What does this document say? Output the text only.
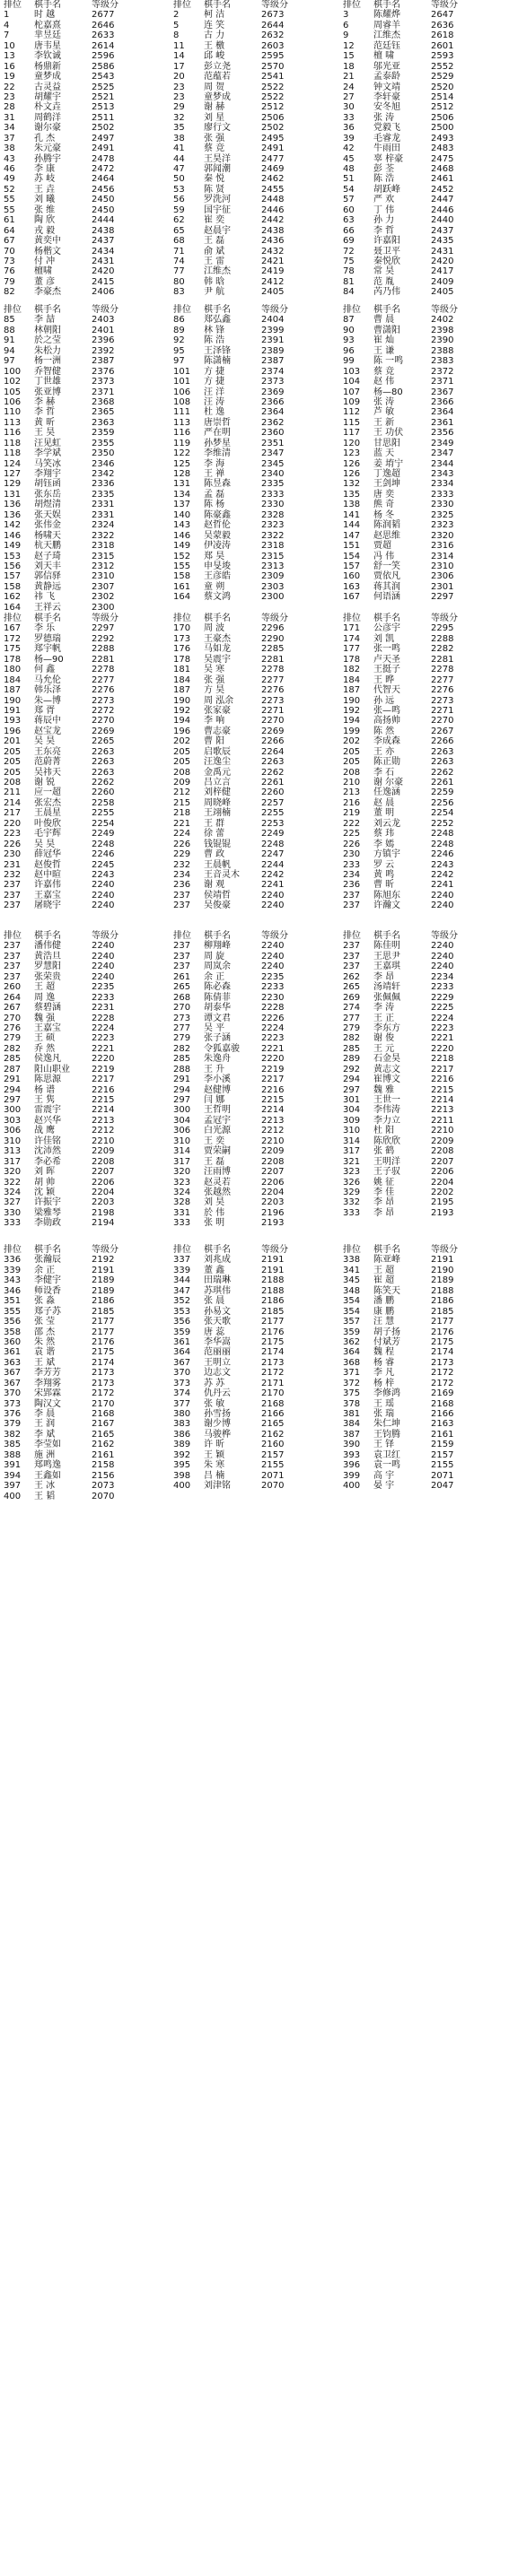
排位	棋手名	等级分
1	时 越	2677
4	柁嘉熹	2646
7	芈昱廷	2633
10	唐韦星	2614
13	李钦诚	2596
16	杨鼎新	2586
19	童梦成	2543
22	古灵益	2525
23	胡耀宇	2521
28	朴文垚	2513
31	周鹤洋	2511
34	谢尔豪	2502
37	孔 杰	2497
38	朱元豪	2491
43	孙腾宇	2478
46	李 康	2472
49	苏 岐	2464
52	王 垚	2456
55	刘 曦	2450
55	张 维	2450
61	陶 欣	2444
64	戎 毅	2438
67	黄奕中	2437
70	杨楷文	2434
73	付 冲	2431
76	檀啸	2420
79	董 彦	2415
82	李豪杰	2406
排位	棋手名	等级分
2	柯 洁	2673
5	连 笑	2644
8	古 力	2632
11	王 檄	2603
14	邱 峻	2595
17	彭立尧	2570
20	范蕴若	2541
23	周 贺	2522
23	童梦成	2522
29	谢 赫	2512
32	刘 星	2506
35	廖行文	2502
38	张 强	2495
41	蔡 竞	2491
44	王昊洋	2477
47	郭闻潮	2469
50	秦 悦	2462
53	陈 贤	2455
56	罗洗河	2448
59	国宇征	2446
62	崔 奕	2442
65	赵晨宇	2438
68	王 磊	2436
71	俞 斌	2432
74	王 雷	2421
77	江维杰	2419
80	韩 晗	2412
83	尹 航	2405
排位	棋手名	等级分
3	陈耀烨	2647
6	周睿羊	2636
9	江维杰	2618
12	范廷钰	2601
15	檀 啸	2593
18	邬光亚	2552
21	孟泰龄	2529
24	钟文靖	2520
27	李轩豪	2514
30	安冬旭	2512
33	张 涛	2506
36	党毅飞	2500
39	毛睿龙	2493
42	牛雨田	2483
45	辜 梓豪	2475
48	彭 荃	2468
51	陈 浩	2461
54	胡跃峰	2452
57	严 欢	2447
60	丁 伟	2446
63	孙 力	2440
66	李 哲	2437
69	许嘉阳	2435
72	聂卫平	2431
75	秦悦欣	2420
78	常 昊	2417
81	范 胤	2409
84	芮乃伟	2405
排位	棋手名	等级分
85	李 喆	2403
88	林朝阳	2401
91	於之莹	2396
94	朱松力	2392
97	杨一洲	2387
100	乔智健	2376
102	丁世雄	2373
105	张亚博	2371
106	李 赫	2368
110	李 哲	2365
113	黄 昕	2363
116	王 昊	2359
118	汪见虹	2355
118	李学斌	2350
124	马笑冰	2346
127	李翔宇	2342
129	胡钰函	2336
131	张东岳	2335
136	胡煜清	2331
136	张天娱	2331
142	张伟金	2324
146	杨啸天	2322
149	杭天鹏	2318
153	赵子琦	2315
156	刘天丰	2312
157	郭信驿	2310
158	黄静远	2307
162	祎 飞	2302
164	王祥云	2300
排位	棋手名	等级分
86	郑弘鑫	2404
89	林 锋	2399
92	陈 浩	2391
95	王泽锋	2389
97	陈潇楠	2387
101	方 捷	2374
101	方 捷	2373
106	汪 洋	2369
108	汪 涛	2366
111	杜 逸	2364
113	唐崇哲	2362
116	严在明	2360
119	孙梦星	2351
122	李维清	2347
125	李 海	2345
128	王 禅	2340
131	陈昱森	2335
134	孟 磊	2333
137	陈 杨	2330
140	陈豪鑫	2328
143	赵哲伦	2323
146	吴蒙毅	2322
149	伊凌涛	2318
152	郑 昊	2315
155	申旻埈	2313
158	王彦皓	2309
161	童 朔	2303
164	蔡文鸿	2300
排位	棋手名	等级分
87	曹 晨	2402
90	曹潇阳	2398
93	崔 灿	2390
96	王 谦	2388
99	陈 一鸣	2383
103	蔡 竞	2372
104	赵 伟	2371
107	杨—80	2367
109	张 涛	2366
112	芦 敏	2364
115	王 新	2361
117	王 功伏	2356
120	甘思阳	2349
123	蓝 天	2347
126	姜 堉宁	2344
126	丁逸超	2343
132	王剑坤	2334
135	唐 奕	2333
138	熊 奇	2330
141	杨 冬	2325
144	陈润韬	2323
147	赵思维	2320
151	贾超	2316
154	冯 伟	2314
157	舒一笑	2310
160	贾依凡	2306
163	蒋其润	2301
167	何语涵	2297
排位	棋手名	等级分
167	李 乐	2297
172	罗德瑞	2292
175	郑宇帆	2288
178	杨—90	2281
180	何 鑫	2278
184	马允伦	2277
187	韩乐泽	2276
190	朱—博	2273
191	郑 胥	2272
193	蒋辰中	2270
196	赵宝龙	2269
201	吴 昊	2265
205	王东亮	2263
205	范蔚菁	2263
205	吴祎天	2263
208	谢 锐	2262
211	应一超	2260
214	张宏杰	2258
217	王晨星	2255
220	叶俊欣	2254
223	毛宇辉	2249
226	吴 昊	2248
230	薛冠华	2246
231	赵俊哲	2245
232	赵中暄	2243
237	许嘉伟	2240
237	王嘉宝	2240
237	屠晓宇	2240
排位	棋手名	等级分
170	周 波	2296
173	王豪杰	2290
176	马如龙	2285
178	吴震宇	2281
181	吴 寒	2278
184	张 强	2277
187	方 昊	2276
190	周 泓余	2273
192	张家豪	2271
194	李 响	2270
196	曹志豪	2269
202	曹 阳	2266
205	启歌辰	2264
205	汪逸尘	2263
208	金禹元	2262
209	吕立言	2261
212	刘梓健	2260
215	周晓峰	2257
218	王翊楠	2255
221	王 群	2253
224	徐 蕾	2249
226	钱锟锟	2248
229	曹 政	2247
232	王晨帆	2244
234	王音灵木	2242
236	谢 观	2241
237	侯靖哲	2240
237	吴俊豪	2240
排位	棋手名	等级分
171	公彦宇	2295
174	刘 凯	2288
177	张一鸣	2282
178	卢天圣	2281
182	王挺子	2278
184	王 晔	2277
187	代智天	2276
190	孙 远	2273
192	张—鸣	2271
194	高扬帅	2270
199	陈 然	2267
202	李成森	2266
205	王 亦	2263
205	陈正勋	2263
208	李 石	2262
210	谢 尔豪	2261
213	任逸涵	2259
216	赵 晨	2256
219	董 明	2254
222	刘云龙	2252
225	蔡 玮	2248
226	李 嫣	2248
230	方镇宇	2246
233	罗 云	2243
234	黄 鸣	2242
236	曹 昕	2241
237	陈旭东	2240
237	许瀚文	2240
排位	棋手名	等级分
237	潘伟健	2240
237	黄浩旦	2240
237	罗慧阳	2240
237	张荣贵	2240
260	王 超	2235
264	周 逸	2233
267	蔡碧涵	2231
270	魏 强	2228
276	王嘉宝	2224
279	王 硕	2223
282	乔 然	2221
285	侯逸凡	2220
287	阳山职业	2219
291	陈思源	2217
294	杨 谱	2216
297	王 隽	2215
300	雷震宇	2214
303	赵兴华	2213
306	战 鹰	2212
310	许佳铭	2210
313	沈沛然	2209
317	李必希	2208
320	刘 晖	2207
322	胡 帅	2206
324	沈 颖	2204
327	许振宇	2203
330	梁雅琴	2198
333	李勋政	2194
排位	棋手名	等级分
237	柳翔峰	2240
237	周 旋	2240
237	周岚余	2240
261	余 正	2235
265	陈必森	2233
268	陈倩菲	2230
270	胡泰华	2228
273	谭文君	2226
277	吴 平	2224
279	张子涵	2223
282	令狐嘉骏	2221
285	朱逸舟	2220
288	王 升	2219
291	李小溪	2217
294	赵健博	2216
297	闫 娜	2215
300	王哲明	2214
304	孟冠宇	2213
306	白光源	2212
310	王 奕	2210
314	贾荣嗣	2209
317	王 磊	2208
320	汪雨博	2207
323	赵灵若	2206
324	张越然	2204
328	刘 昊	2203
331	於 伟	2196
333	张 明	2193
排位	棋手名	等级分
237	陈佳明	2240
237	王思尹	2240
237	王嘉琪	2240
262	李 昂	2234
265	汤靖轩	2233
269	张佩佩	2229
274	李 涛	2225
277	王 正	2224
279	李东方	2223
282	谢 俊	2221
285	王 元	2220
289	石金昊	2218
292	黄志文	2217
294	崔博文	2216
297	魏 雅	2215
301	王世一	2214
304	李伟涛	2213
309	李力立	2211
310	杜 阳	2210
314	陈欣欣	2209
317	张 鹤	2208
321	王明洋	2207
323	王子驭	2206
326	姚 征	2204
329	李 佳	2202
332	李 昂	2195
333	李 昂	2193
排位	棋手名	等级分
336	张瀚辰	2192
339	余 正	2191
343	李健宇	2189
346	师设香	2189
351	张 淼	2186
355	郑子苏	2185
356	张 莹	2177
358	邵 杰	2177
360	朱 然	2176
361	袁 谐	2175
363	王 斌	2174
367	李芳芳	2173
367	李翔雾	2173
370	宋郢霖	2172
373	陶汉文	2170
376	李 晨	2168
379	王 润	2167
382	李 斌	2165
385	李莹如	2162
388	施 洲	2161
391	郑鸣逸	2158
394	王鑫如	2156
397	王 冰	2073
400	王 韬	2070
排位	棋手名	等级分
337	刘兆成	2191
339	董 鑫	2191
344	田瑞琳	2188
347	苏琪伟	2188
352	张 晨	2186
353	孙易文	2185
356	张天歌	2177
359	唐 蕊	2176
361	李华嵩	2175
364	范丽丽	2174
367	王明立	2173
370	边志文	2172
373	苏 苏	2171
374	仇丹云	2170
377	张 敏	2168
380	孙雪扬	2166
383	谢少博	2165
386	马骏桦	2162
389	许 昕	2160
392	王 颖	2157
395	朱 寒	2155
398	吕 楠	2071
400	刘津铭	2070
排位	棋手名	等级分
338	陈亚峰	2191
341	王 超	2190
345	崔 超	2189
348	陈笑天	2188
354	潘 鹏	2186
354	康 鹏	2185
357	汪 慧	2177
359	胡子扬	2176
362	付斌芳	2175
364	魏 程	2174
368	杨 睿	2173
371	李 凡	2172
372	杨 梓	2172
375	李修鸿	2169
378	王 瑶	2168
381	张 瑞	2166
384	朱仁坤	2163
387	王钧腾	2161
390	王 铎	2159
393	袁卫红	2157
396	袁一鸣	2155
399	高 宇	2071
400	晏 宇	2047
